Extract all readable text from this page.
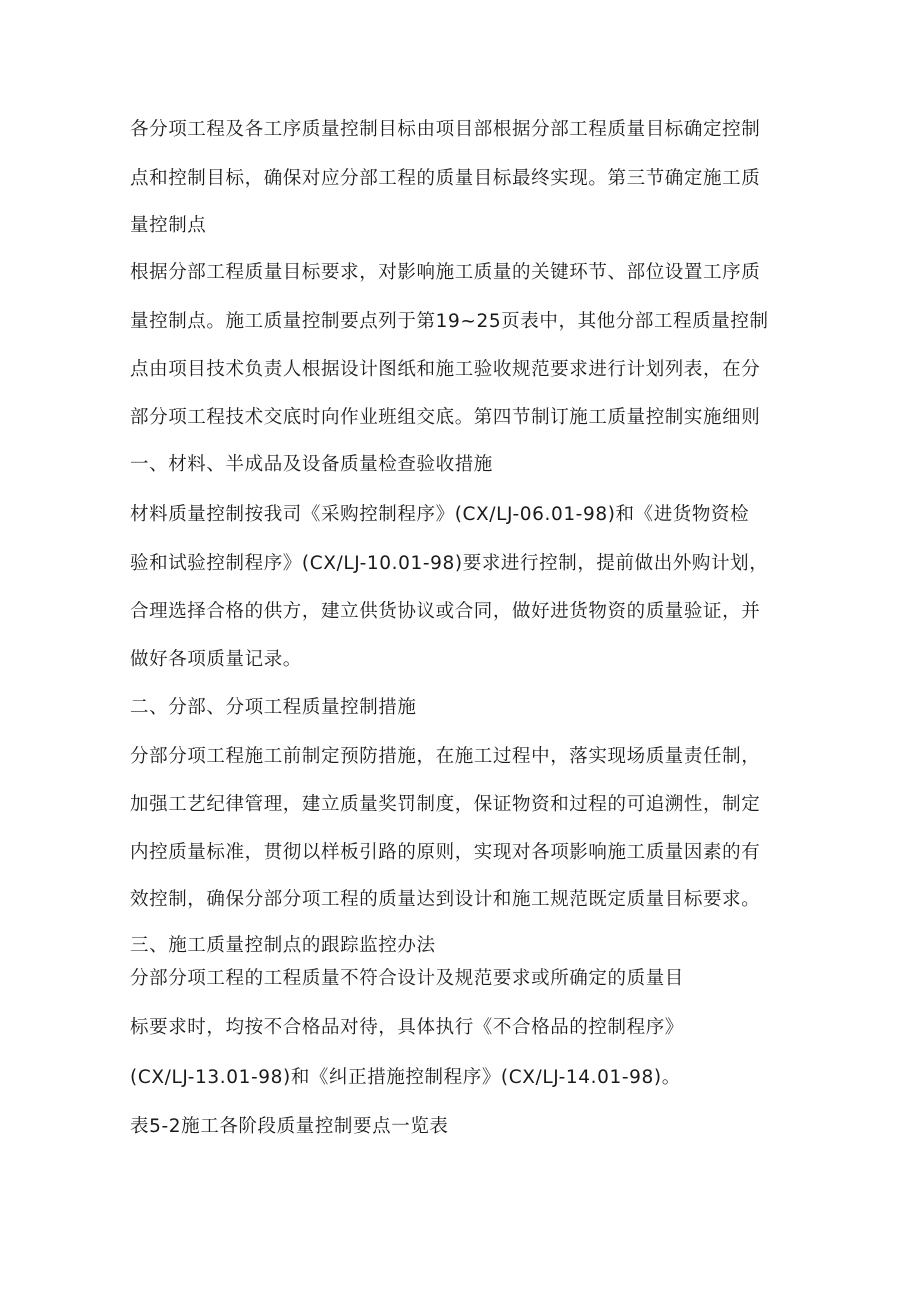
各分项工程及各工序质量控制目标由项目部根据分部工程质量目标确定控制
点和控制目标，确保对应分部工程的质量目标最终实现。第三节确定施工质
量控制点
根据分部工程质量目标要求，对影响施工质量的关键环节、部位设置工序质
量控制点。施工质量控制要点列于第19~25页表中，其他分部工程质量控制
点由项目技术负责人根据设计图纸和施工验收规范要求进行计划列表，在分
部分项工程技术交底时向作业班组交底。第四节制订施工质量控制实施细则
一、材料、半成品及设备质量检查验收措施
材料质量控制按我司《采购控制程序》(CX/LJ-06.01-98)和《进货物资检
验和试验控制程序》(CX/LJ-10.01-98)要求进行控制，提前做出外购计划，
合理选择合格的供方，建立供货协议或合同，做好进货物资的质量验证，并
做好各项质量记录。
二、分部、分项工程质量控制措施
分部分项工程施工前制定预防措施，在施工过程中，落实现场质量责任制，
加强工艺纪律管理，建立质量奖罚制度，保证物资和过程的可追溯性，制定
内控质量标准，贯彻以样板引路的原则，实现对各项影响施工质量因素的有
效控制，确保分部分项工程的质量达到设计和施工规范既定质量目标要求。
三、施工质量控制点的跟踪监控办法
分部分项工程的工程质量不符合设计及规范要求或所确定的质量目
标要求时，均按不合格品对待，具体执行《不合格品的控制程序》
(CX/LJ-13.01-98)和《纠正措施控制程序》(CX/LJ-14.01-98)。
表5-2施工各阶段质量控制要点一览表
